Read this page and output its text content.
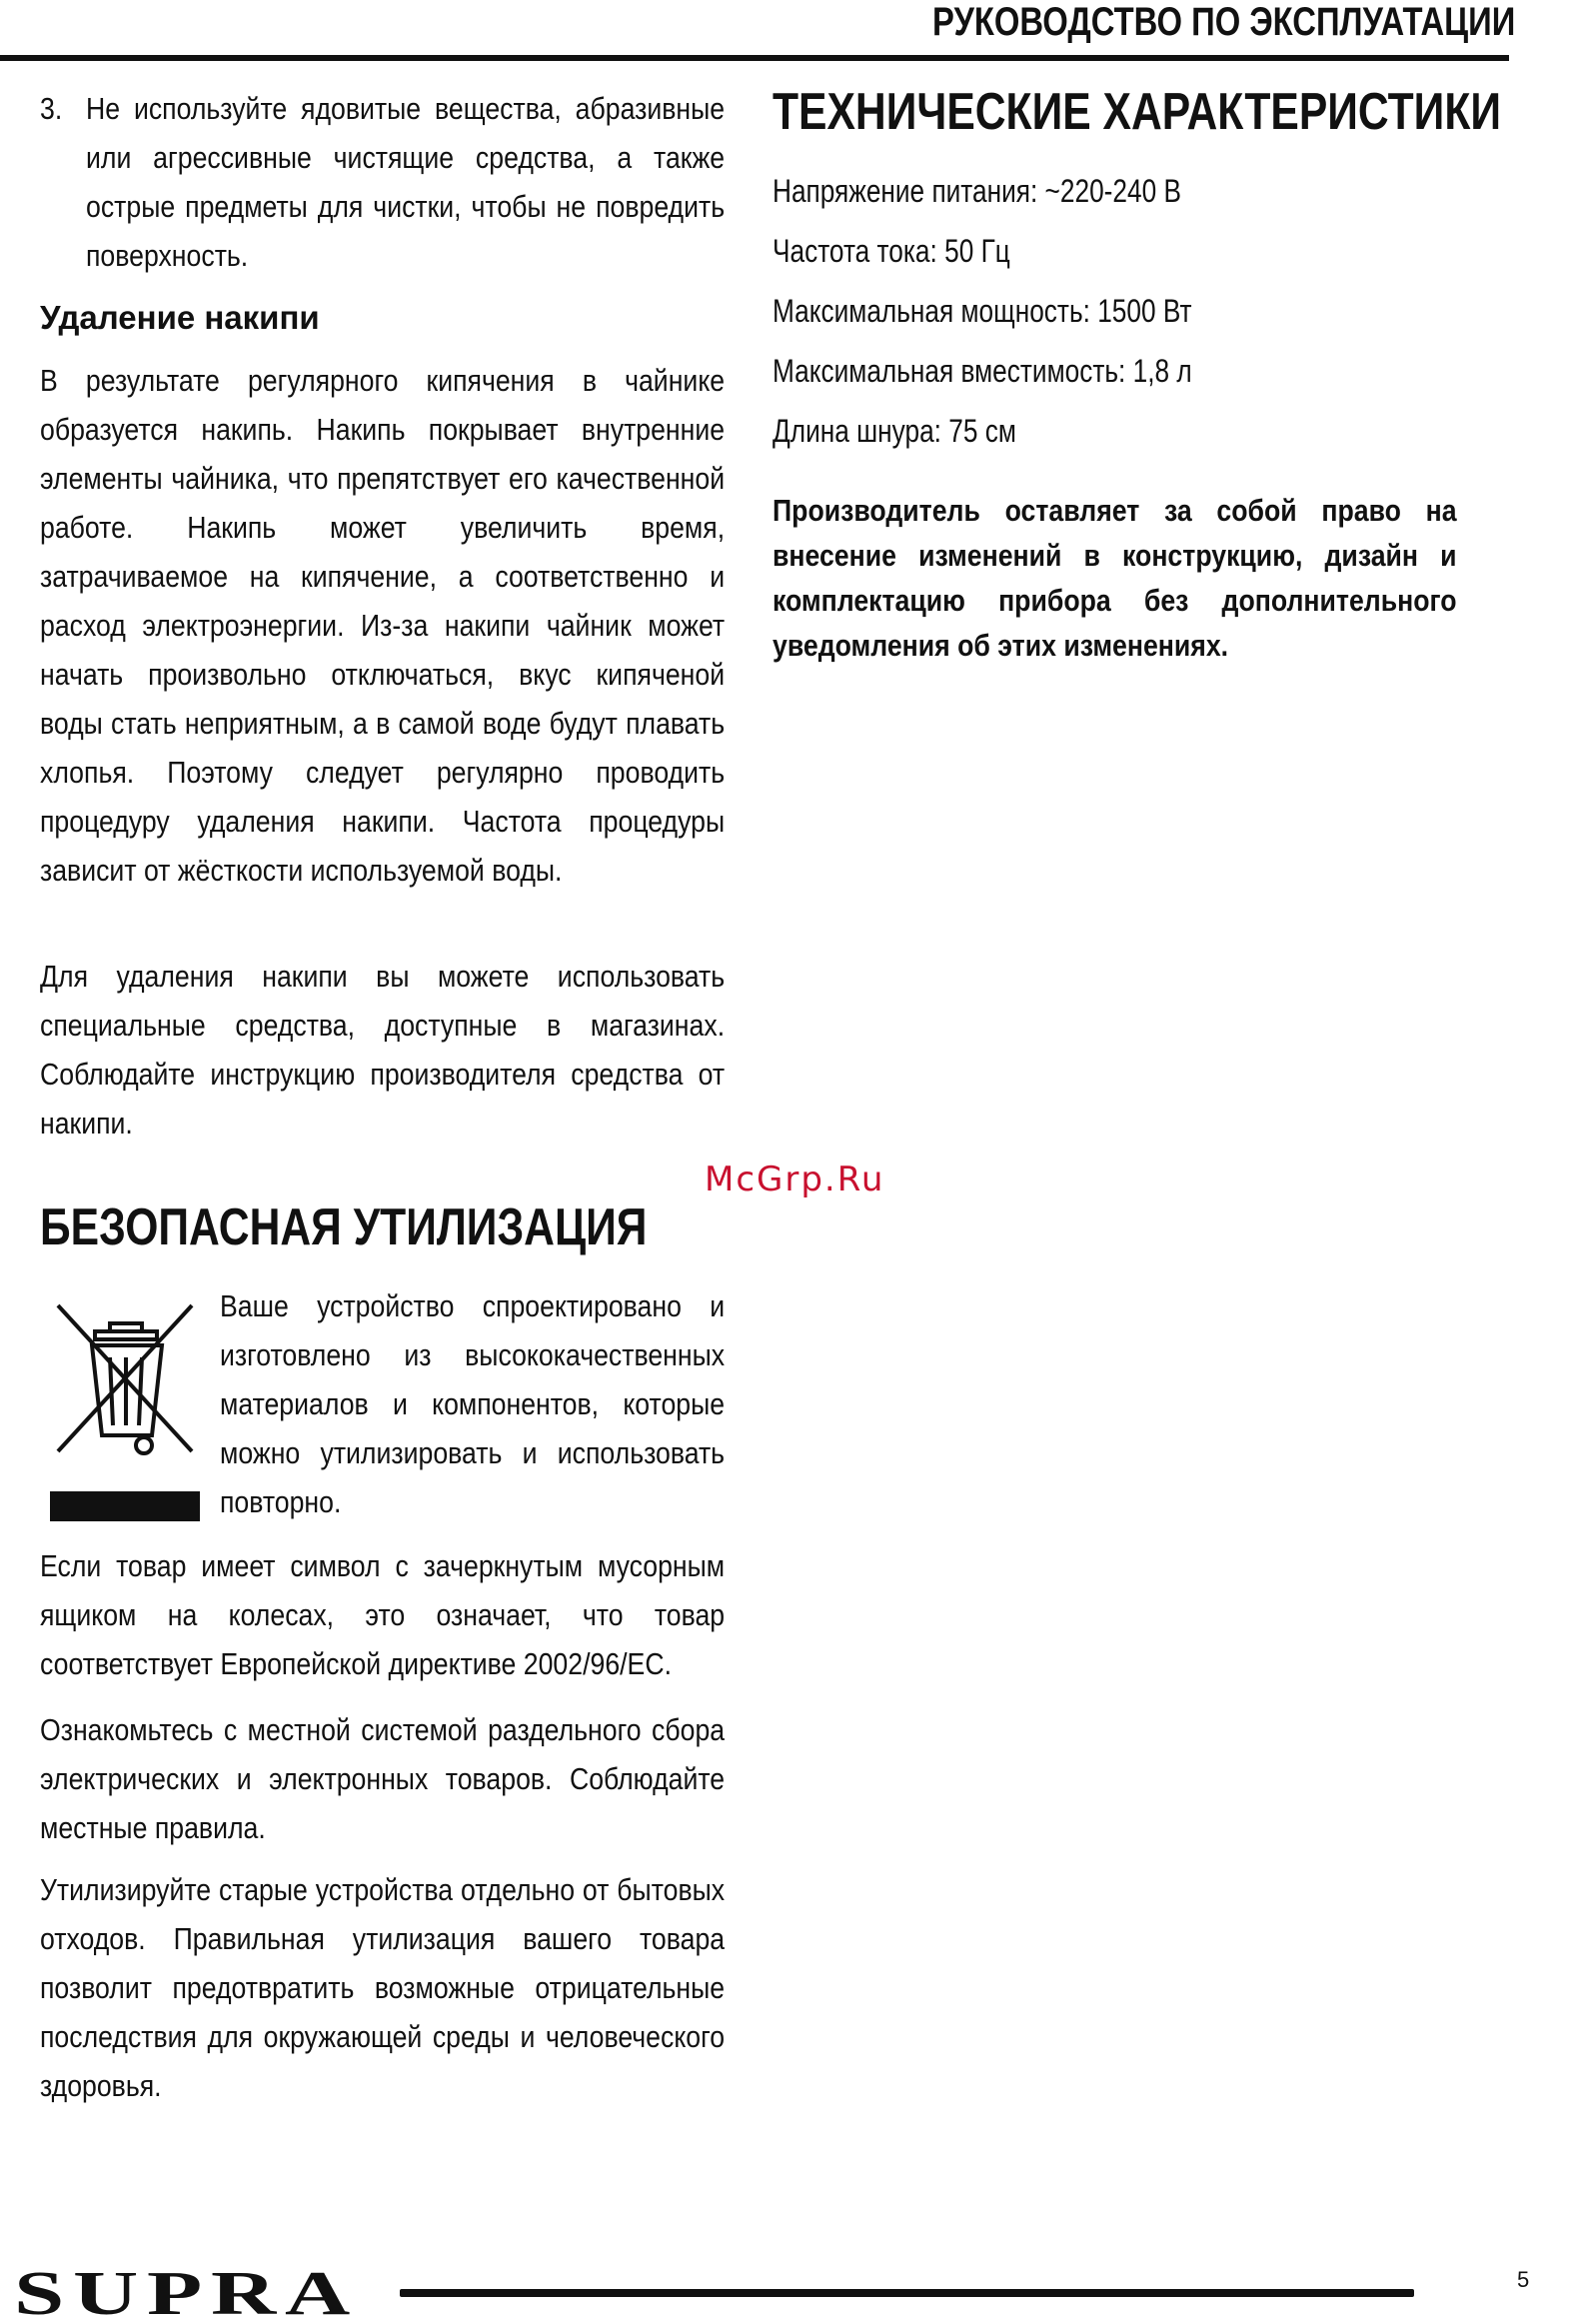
РУКОВОДСТВО ПО ЭКСПЛУАТАЦИИ
3. Не используйте ядовитые вещества, абразивные или агрессивные чистящие средства, а также острые предметы для чистки, чтобы не повредить поверхность.

Удаление накипи

В результате регулярного кипячения в чайнике образуется накипь. Накипь покрывает внутренние элементы чайника, что препятствует его качественной работе. Накипь может увеличить время, затрачиваемое на кипячение, а соответственно и расход электроэнергии. Из-за накипи чайник может начать произвольно отключаться, вкус кипяченой воды стать неприятным, а в самой воде будут плавать хлопья. Поэтому следует регулярно проводить процедуру удаления накипи. Частота процедуры зависит от жёсткости используемой воды.

Для удаления накипи вы можете использовать специальные средства, доступные в магазинах. Соблюдайте инструкцию производителя средства от накипи.

БЕЗОПАСНАЯ УТИЛИЗАЦИЯ

Ваше устройство спроектировано и изготовлено из высококачественных материалов и компонентов, которые можно утилизировать и использовать повторно.

Если товар имеет символ с зачеркнутым мусорным ящиком на колесах, это означает, что товар соответствует Европейской директиве 2002/96/EC.

Ознакомьтесь с местной системой раздельного сбора электрических и электронных товаров. Соблюдайте местные правила.

Утилизируйте старые устройства отдельно от бытовых отходов. Правильная утилизация вашего товара позволит предотвратить возможные отрицательные последствия для окружающей среды и человеческого здоровья.

ТЕХНИЧЕСКИЕ ХАРАКТЕРИСТИКИ

Напряжение питания: ~220-240 В

Частота тока: 50 Гц

Максимальная мощность: 1500 Вт

Максимальная вместимость: 1,8 л

Длина шнура: 75 см

Производитель оставляет за собой право на внесение изменений в конструкцию, дизайн и комплектацию прибора без дополнительного уведомления об этих изменениях.

McGrp.Ru
SUPRA	5
